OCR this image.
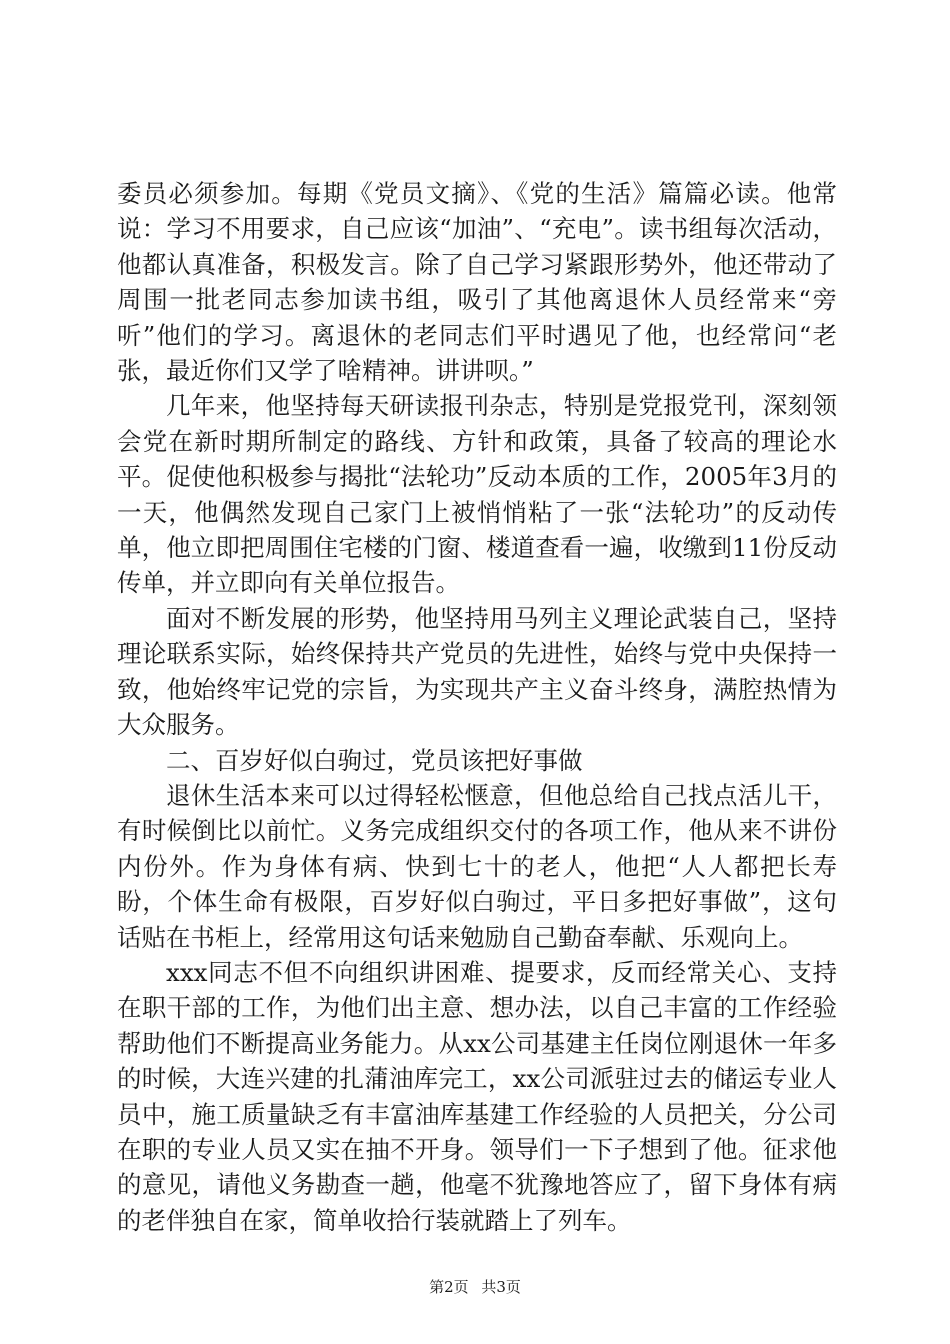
委员必须参加。每期《党员文摘》、《党的生活》篇篇必读。他常说：学习不用要求，自己应该“加油”、“充电”。读书组每次活动，他都认真准备，积极发言。除了自己学习紧跟形势外，他还带动了周围一批老同志参加读书组，吸引了其他离退休人员经常来“旁听”他们的学习。离退休的老同志们平时遇见了他，也经常问“老张，最近你们又学了啥精神。讲讲呗。”

几年来，他坚持每天研读报刊杂志，特别是党报党刊，深刻领会党在新时期所制定的路线、方针和政策，具备了较高的理论水平。促使他积极参与揭批“法轮功”反动本质的工作，2005年3月的一天，他偶然发现自己家门上被悄悄粘了一张“法轮功”的反动传单，他立即把周围住宅楼的门窗、楼道查看一遍，收缴到11份反动传单，并立即向有关单位报告。

面对不断发展的形势，他坚持用马列主义理论武装自己，坚持理论联系实际，始终保持共产党员的先进性，始终与党中央保持一致，他始终牢记党的宗旨，为实现共产主义奋斗终身，满腔热情为大众服务。

二、百岁好似白驹过，党员该把好事做

退休生活本来可以过得轻松惬意，但他总给自己找点活儿干，有时候倒比以前忙。义务完成组织交付的各项工作，他从来不讲份内份外。作为身体有病、快到七十的老人，他把“人人都把长寿盼，个体生命有极限，百岁好似白驹过，平日多把好事做”，这句话贴在书柜上，经常用这句话来勉励自己勤奋奉献、乐观向上。

xxx同志不但不向组织讲困难、提要求，反而经常关心、支持在职干部的工作，为他们出主意、想办法，以自己丰富的工作经验帮助他们不断提高业务能力。从xx公司基建主任岗位刚退休一年多的时候，大连兴建的扎蒲油库完工，xx公司派驻过去的储运专业人员中，施工质量缺乏有丰富油库基建工作经验的人员把关，分公司在职的专业人员又实在抽不开身。领导们一下子想到了他。征求他的意见，请他义务勘查一趟，他毫不犹豫地答应了，留下身体有病的老伴独自在家，简单收拾行装就踏上了列车。

第2页 共3页
